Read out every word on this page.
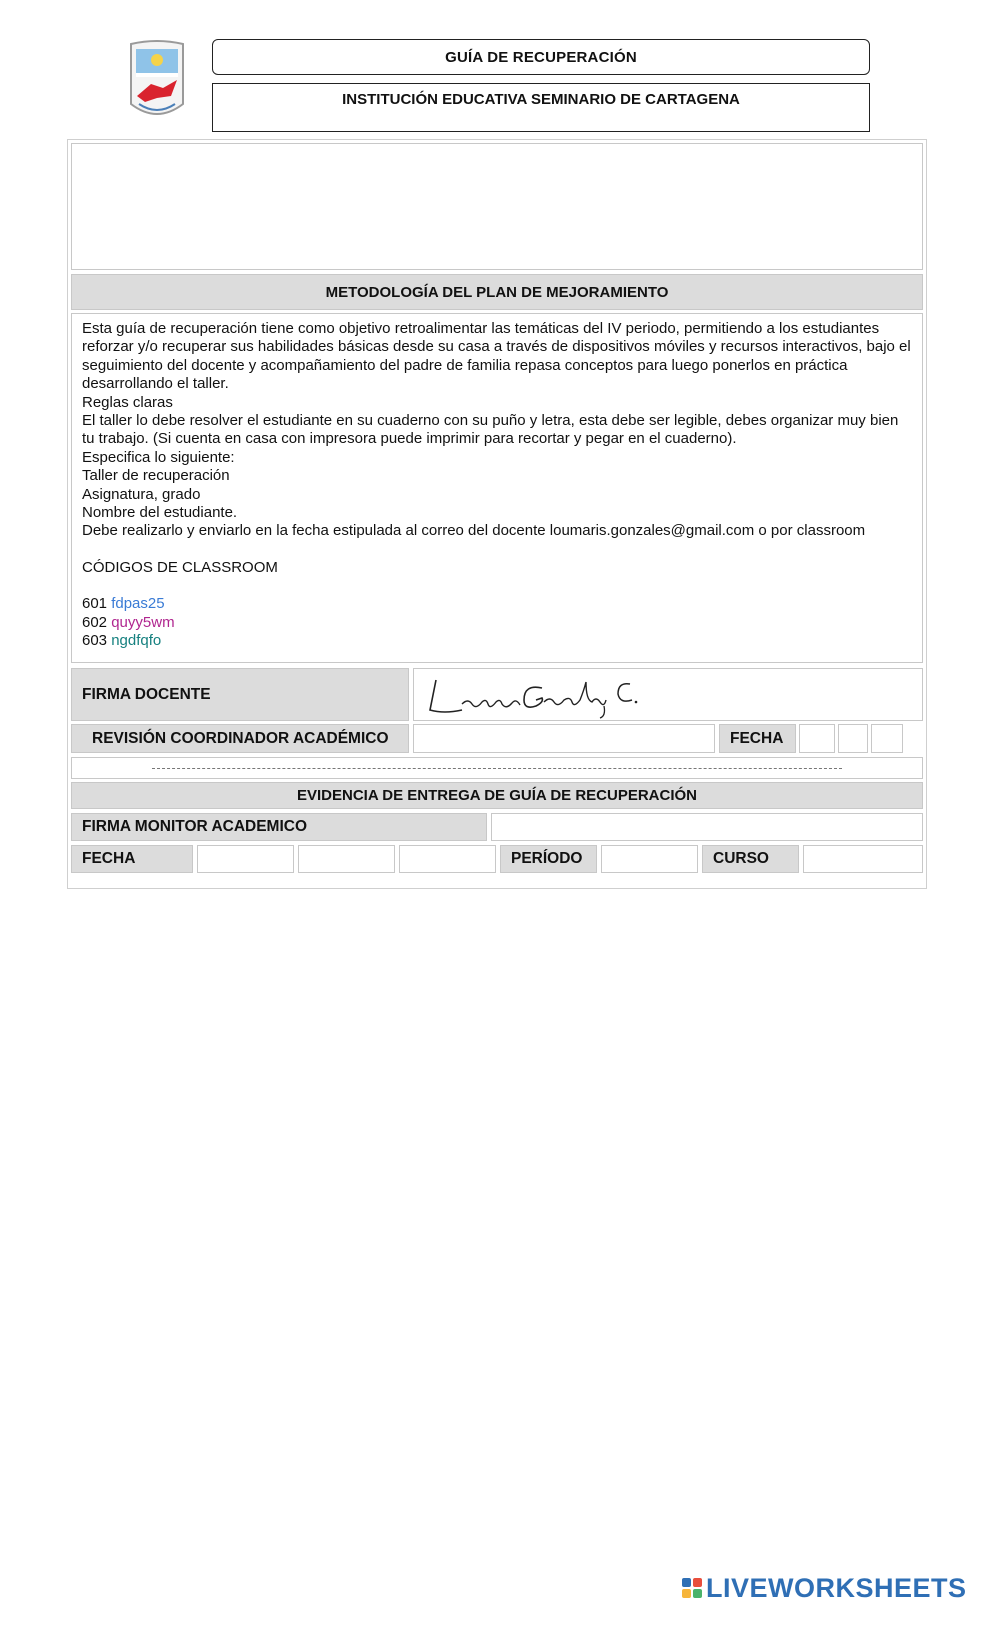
GUÍA DE RECUPERACIÓN
INSTITUCIÓN EDUCATIVA SEMINARIO DE CARTAGENA
METODOLOGÍA DEL PLAN DE MEJORAMIENTO

Esta guía de recuperación tiene como objetivo retroalimentar las temáticas del IV periodo, permitiendo a los estudiantes reforzar y/o recuperar sus habilidades básicas desde su casa a través de dispositivos móviles y recursos interactivos, bajo el seguimiento del docente y acompañamiento del padre de familia repasa conceptos para luego ponerlos en práctica desarrollando el taller.

Reglas claras

El taller lo debe resolver el estudiante en su cuaderno con su puño y letra, esta debe ser legible, debes organizar muy bien tu trabajo. (Si cuenta en casa con impresora puede imprimir para recortar y pegar en el cuaderno).

Especifica lo siguiente:

Taller de recuperación

Asignatura, grado

Nombre del estudiante.

Debe realizarlo y enviarlo en la fecha estipulada al correo del docente loumaris.gonzales@gmail.com o por classroom

CÓDIGOS DE CLASSROOM

601 fdpas25

602 quyy5wm

603 ngdfqfo

FIRMA DOCENTE
REVISIÓN COORDINADOR ACADÉMICO	FECHA
EVIDENCIA DE ENTREGA DE GUÍA DE RECUPERACIÓN
FIRMA MONITOR ACADEMICO
FECHA	PERÍODO	CURSO
LIVEWORKSHEETS
